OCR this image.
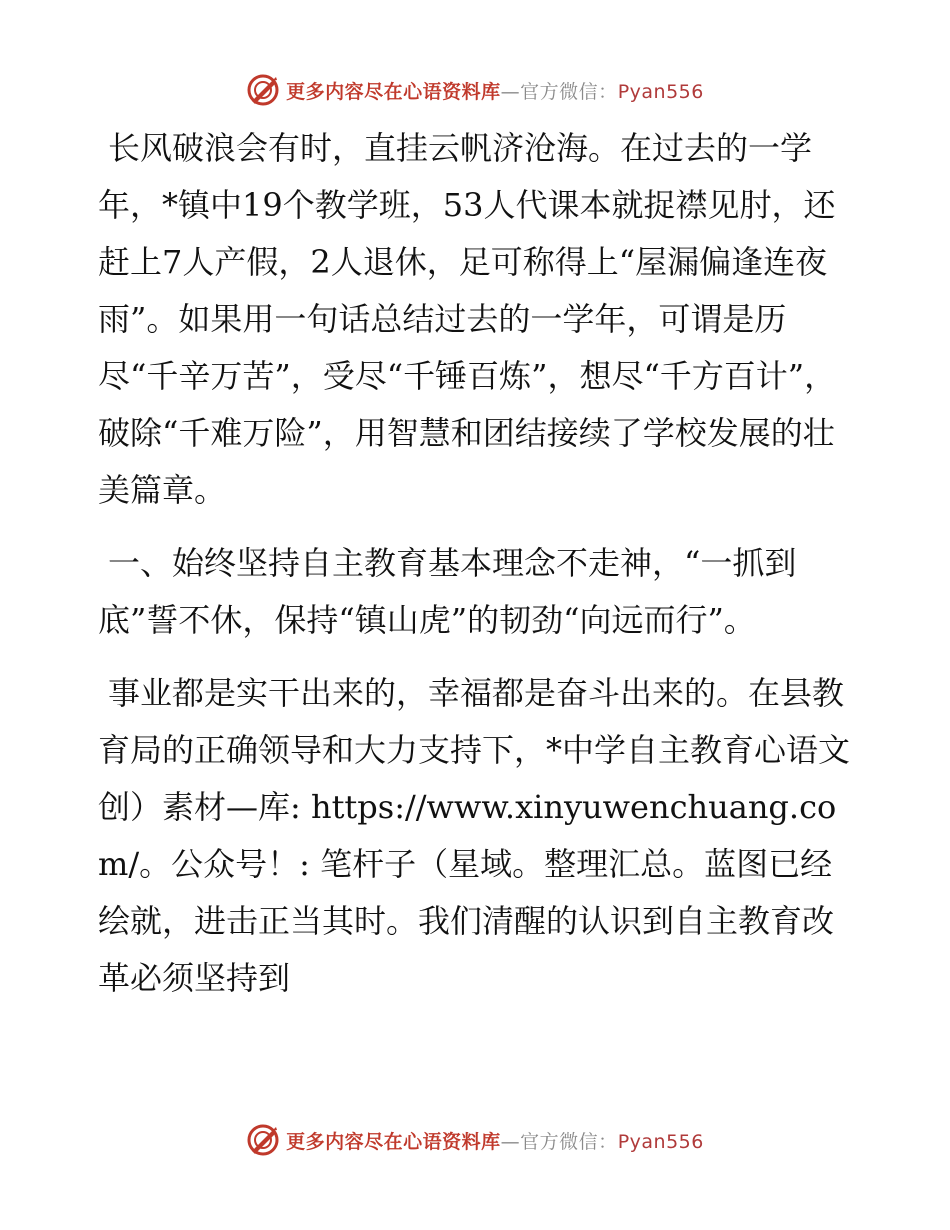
更多内容尽在心语资料库—官方微信：Pyan556

长风破浪会有时，直挂云帆济沧海。在过去的一学年，*镇中19个教学班，53人代课本就捉襟见肘，还赶上7人产假，2人退休，足可称得上“屋漏偏逢连夜雨”。如果用一句话总结过去的一学年，可谓是历尽“千辛万苦”，受尽“千锤百炼”，想尽“千方百计”，破除“千难万险”，用智慧和团结接续了学校发展的壮美篇章。

一、始终坚持自主教育基本理念不走神，“一抓到底”誓不休，保持“镇山虎”的韧劲“向远而行”。

事业都是实干出来的，幸福都是奋斗出来的。在县教育局的正确领导和大力支持下，*中学自主教育心语文创）素材—库: https://www.xinyuwenchuang.com/。公众号！: 笔杆子（星域。整理汇总。蓝图已经绘就，进击正当其时。我们清醒的认识到自主教育改革必须坚持到

更多内容尽在心语资料库—官方微信：Pyan556
